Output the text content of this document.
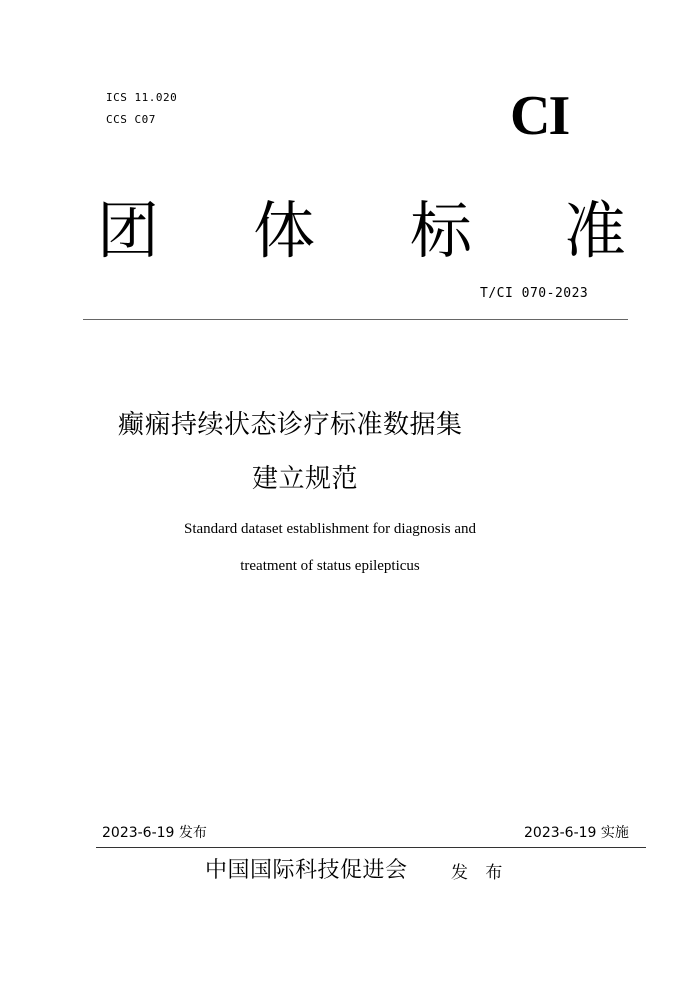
ICS 11.020
CCS C07	CI
团 体 标 准
T/CI 070-2023
癫痫持续状态诊疗标准数据集
建立规范
Standard dataset establishment for diagnosis and
treatment of status epilepticus
2023-6-19 发布	2023-6-19 实施
中国国际科技促进会	发 布
